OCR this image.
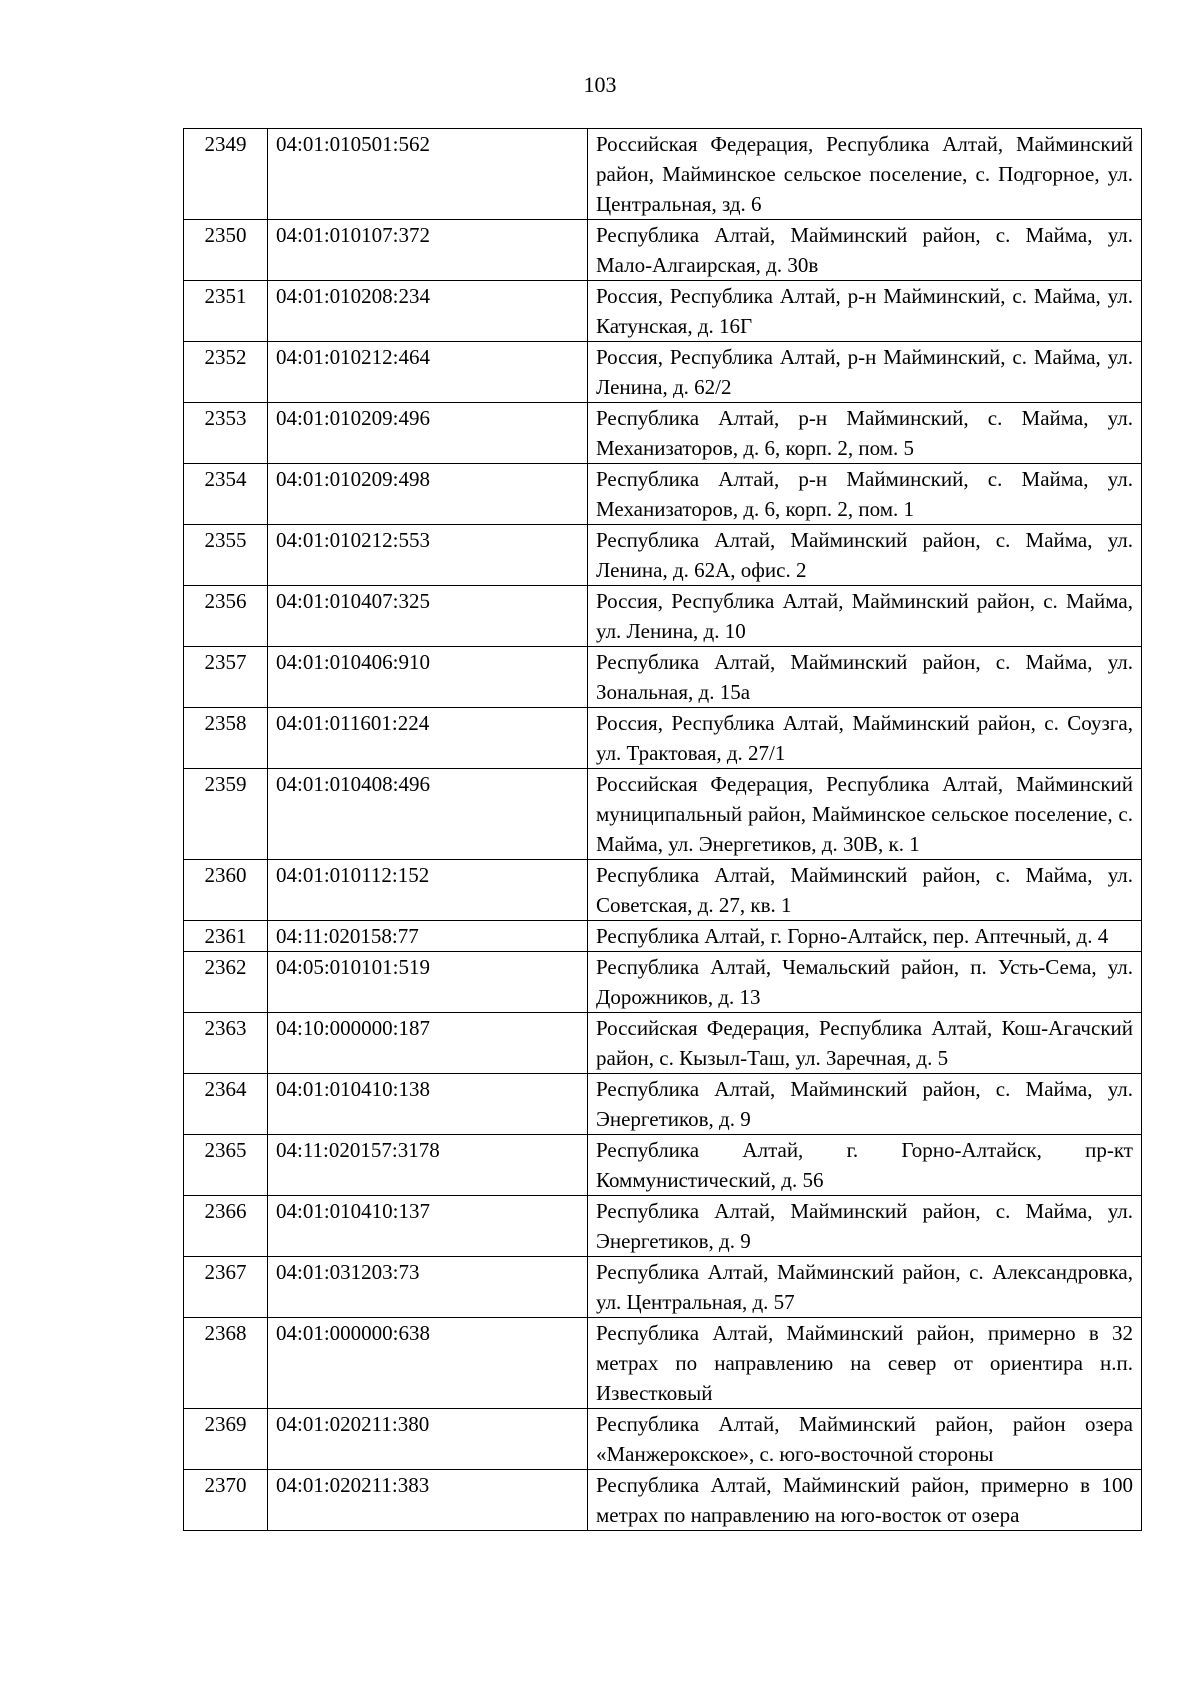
103
2349	04:01:010501:562	Российская Федерация, Республика Алтай, Майминский район, Майминское сельское поселение, с. Подгорное, ул. Центральная, зд. 6
2350	04:01:010107:372	Республика Алтай, Майминский район, с. Майма, ул. Мало-Алгаирская, д. 30в
2351	04:01:010208:234	Россия, Республика Алтай, р-н Майминский, с. Майма, ул. Катунская, д. 16Г
2352	04:01:010212:464	Россия, Республика Алтай, р-н Майминский, с. Майма, ул. Ленина, д. 62/2
2353	04:01:010209:496	Республика Алтай, р-н Майминский, с. Майма, ул. Механизаторов, д. 6, корп. 2, пом. 5
2354	04:01:010209:498	Республика Алтай, р-н Майминский, с. Майма, ул. Механизаторов, д. 6, корп. 2, пом. 1
2355	04:01:010212:553	Республика Алтай, Майминский район, с. Майма, ул. Ленина, д. 62А, офис. 2
2356	04:01:010407:325	Россия, Республика Алтай, Майминский район, с. Майма, ул. Ленина, д. 10
2357	04:01:010406:910	Республика Алтай, Майминский район, с. Майма, ул. Зональная, д. 15а
2358	04:01:011601:224	Россия, Республика Алтай, Майминский район, с. Соузга, ул. Трактовая, д. 27/1
2359	04:01:010408:496	Российская Федерация, Республика Алтай, Майминский муниципальный район, Майминское сельское поселение, с. Майма, ул. Энергетиков, д. 30В, к. 1
2360	04:01:010112:152	Республика Алтай, Майминский район, с. Майма, ул. Советская, д. 27, кв. 1
2361	04:11:020158:77	Республика Алтай, г. Горно-Алтайск, пер. Аптечный, д. 4
2362	04:05:010101:519	Республика Алтай, Чемальский район, п. Усть-Сема, ул. Дорожников, д. 13
2363	04:10:000000:187	Российская Федерация, Республика Алтай, Кош-Агачский район, с. Кызыл-Таш, ул. Заречная, д. 5
2364	04:01:010410:138	Республика Алтай, Майминский район, с. Майма, ул. Энергетиков, д. 9
2365	04:11:020157:3178	Республика Алтай, г. Горно-Алтайск, пр-кт Коммунистический, д. 56
2366	04:01:010410:137	Республика Алтай, Майминский район, с. Майма, ул. Энергетиков, д. 9
2367	04:01:031203:73	Республика Алтай, Майминский район, с. Александровка, ул. Центральная, д. 57
2368	04:01:000000:638	Республика Алтай, Майминский район, примерно в 32 метрах по направлению на север от ориентира н.п. Известковый
2369	04:01:020211:380	Республика Алтай, Майминский район, район озера «Манжерокское», с. юго-восточной стороны
2370	04:01:020211:383	Республика Алтай, Майминский район, примерно в 100 метрах по направлению на юго-восток от озера
